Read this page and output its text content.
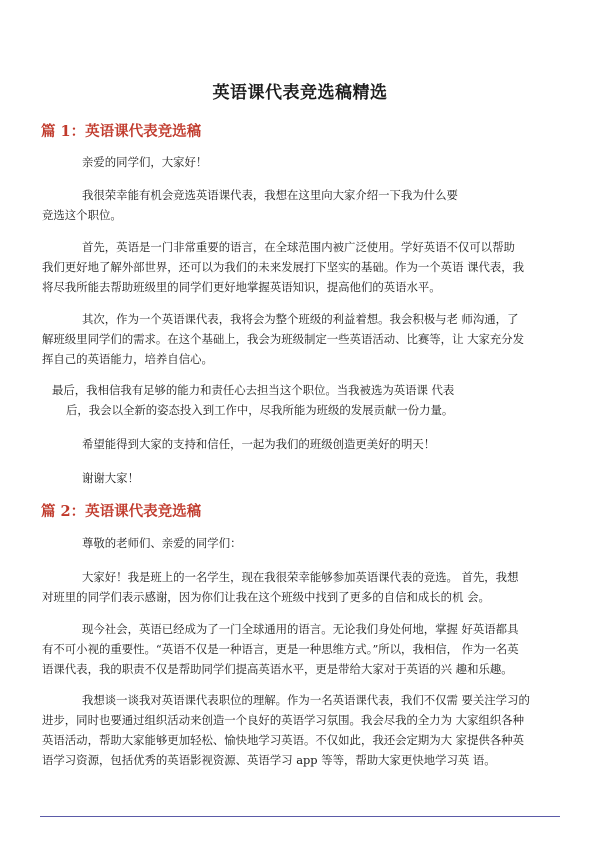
英语课代表竞选稿精选
篇 1：英语课代表竞选稿

亲爱的同学们，大家好！

我很荣幸能有机会竞选英语课代表，我想在这里向大家介绍一下我为什么要
竞选这个职位。

首先，英语是一门非常重要的语言，在全球范围内被广泛使用。学好英语不仅可以帮助
我们更好地了解外部世界，还可以为我们的未来发展打下坚实的基础。作为一个英语 课代表，我
将尽我所能去帮助班级里的同学们更好地掌握英语知识，提高他们的英语水平。

其次，作为一个英语课代表，我将会为整个班级的利益着想。我会积极与老 师沟通，了
解班级里同学们的需求。在这个基础上，我会为班级制定一些英语活动、比赛等，让 大家充分发
挥自己的英语能力，培养自信心。

最后，我相信我有足够的能力和责任心去担当这个职位。当我被选为英语课 代表
后，我会以全新的姿态投入到工作中，尽我所能为班级的发展贡献一份力量。

希望能得到大家的支持和信任，一起为我们的班级创造更美好的明天！

谢谢大家！

篇 2：英语课代表竞选稿

尊敬的老师们、亲爱的同学们：

大家好！我是班上的一名学生，现在我很荣幸能够参加英语课代表的竞选。 首先，我想
对班里的同学们表示感谢，因为你们让我在这个班级中找到了更多的自信和成长的机 会。

现今社会，英语已经成为了一门全球通用的语言。无论我们身处何地，掌握 好英语都具
有不可小视的重要性。“英语不仅是一种语言，更是一种思维方式。”所以，我相信， 作为一名英
语课代表，我的职责不仅是帮助同学们提高英语水平，更是带给大家对于英语的兴 趣和乐趣。

我想谈一谈我对英语课代表职位的理解。作为一名英语课代表，我们不仅需 要关注学习的
进步，同时也要通过组织活动来创造一个良好的英语学习氛围。我会尽我的全力为 大家组织各种
英语活动，帮助大家能够更加轻松、愉快地学习英语。不仅如此，我还会定期为大 家提供各种英
语学习资源，包括优秀的英语影视资源、英语学习 app 等等，帮助大家更快地学习英 语。
